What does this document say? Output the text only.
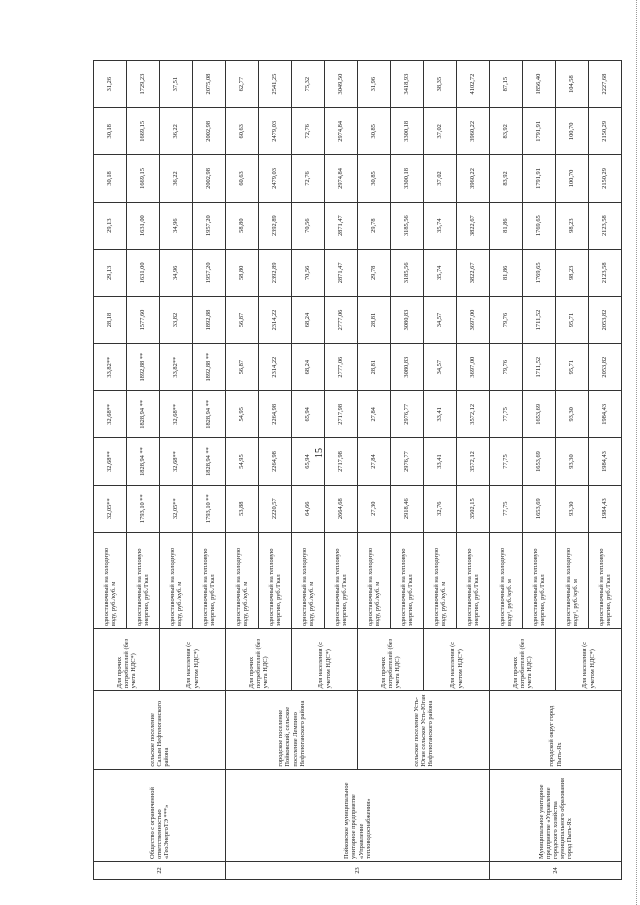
15
22	Общество с ограниченной ответственностью «ГеоЭнергоТЭ ***»	сельское поселение Салым Нефтеюганского района	Для прочих потребителей (без учета НДС*)	одноставочный на холодную воду, руб./куб. м	32,05**	32,68**	32,68**	33,82**	28,18	29,13	29,13	30,18	30,18	31,26
				одноставочный на тепловую энергию, руб./Гкал	1793,10 **	1828,94 **	1828,94 **	1892,88 **	1577,60	1631,00	1631,00	1669,15	1669,15	1729,23
			Для населения (с учетом НДС*)	одноставочный на холодную воду, руб./куб. м	32,05**	32,68**	32,68**	33,82**	33,82	34,96	34,96	36,22	36,22	37,51
				одноставочный на тепловую энергию, руб./Гкал	1793,10 **	1828,94 **	1828,94 **	1892,88 **	1892,88	1957,20	1957,20	2002,98	2002,98	2075,08
23	Пойковское муниципальное унитарное предприятие «Управление тепловодоснабжения»	городское поселение Пойковский, сельское поселение Лемпино Нефтеюганского района	Для прочих потребителей (без учета НДС)	одноставочный на холодную воду, руб./куб. м	53,88	54,95	54,95	56,87	56,87	58,80	58,80	60,63	60,63	62,77
				одноставочный на тепловую энергию, руб./Гкал	2220,57	2264,98	2264,98	2314,22	2314,22	2392,89	2392,89	2479,03	2479,03	2541,25
			Для населения (с учетом НДС*)	одноставочный на холодную воду, руб./куб. м	64,66	65,94	65,94	68,24	68,24	70,56	70,56	72,76	72,76	75,32
				одноставочный на тепловую энергию, руб./Гкал	2664,68	2717,98	2717,98	2777,06	2777,06	2871,47	2871,47	2974,84	2974,84	3049,50
		сельское поселение Усть-Юган сельское Усть-Юган Нефтеюганского района	Для прочих потребителей (без учета НДС)	одноставочный на холодную воду, руб./куб. м	27,30	27,84	27,84	28,81	28,81	29,78	29,78	30,85	30,85	31,96
				одноставочный на тепловую энергию, руб./Гкал	2918,46	2976,77	2976,77	3080,83	3080,83	3185,56	3185,56	3300,18	3300,18	3418,93
			Для населения (с учетом НДС*)	одноставочный на холодную воду, руб./куб. м	32,76	33,41	33,41	34,57	34,57	35,74	35,74	37,02	37,02	38,35
				одноставочный на тепловую энергию, руб./Гкал	3502,15	3572,12	3572,12	3697,00	3697,00	3822,67	3822,67	3960,22	3960,22	4102,72
24	Муниципальное унитарное предприятие «Управление городского хозяйства муниципального образования город Пыть-Ях	городской округ город Пыть-Ях	Для прочих потребителей (без учета НДС)	одноставочный на холодную воду¹, руб./куб. м	77,75	77,75	77,75	79,76	79,76	81,86	81,86	83,92	83,92	87,15
				одноставочный на тепловую энергию, руб./Гкал	1653,69	1653,69	1653,69	1711,52	1711,52	1769,65	1769,65	1791,91	1791,91	1856,40
			Для населения (с учетом НДС*)	одноставочный на холодную воду¹, руб./куб. м	93,30	93,30	93,30	95,71	95,71	98,23	98,23	100,70	100,70	104,58
				одноставочный на тепловую энергию, руб./Гкал	1984,43	1984,43	1984,43	2053,82	2053,82	2123,58	2123,58	2150,29	2150,29	2227,68
